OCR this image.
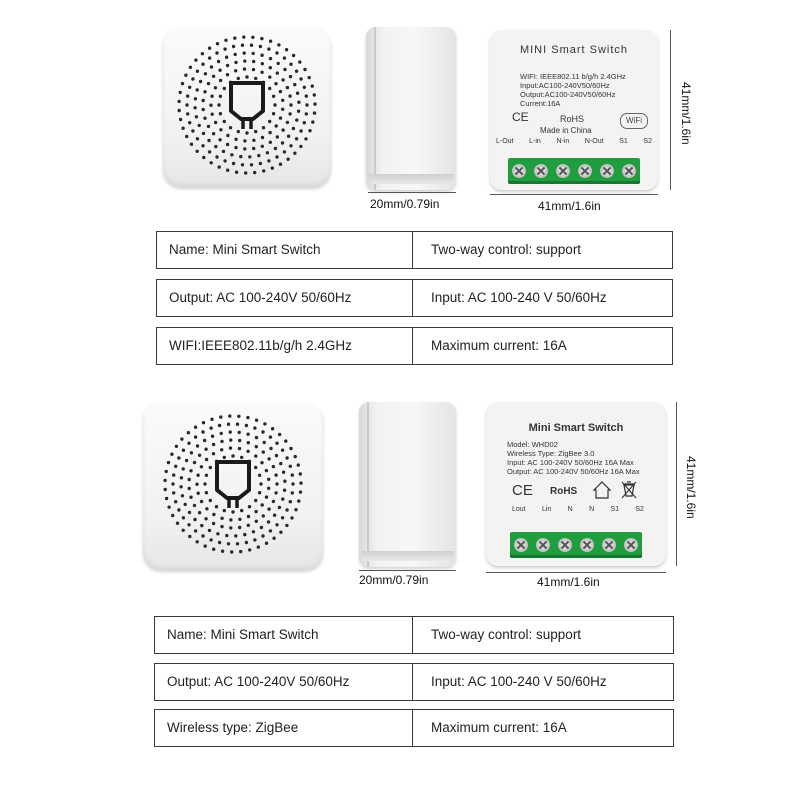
MINI Smart Switch
WIFI: IEEE802.11 b/g/h 2.4GHz
Input:AC100-240V50/60Hz
Output:AC100-240V50/60Hz
Current:16A
CE	RoHS
Made in China
WiFi
L-Out L-in N-in N-Out S1 S2
20mm/0.79in	41mm/1.6in
41mm/1.6in
Name: Mini Smart Switch	Two-way control: support
Output: AC 100-240V 50/60Hz	Input: AC 100-240 V 50/60Hz
WIFI:IEEE802.11b/g/h 2.4GHz	Maximum current: 16A
Mini Smart Switch
Model: WHD02
Wireless Type: ZigBee 3.0
Input: AC 100-240V 50/60Hz 16A Max
Output: AC 100-240V 50/60Hz 16A Max
CE RoHS
Lout Lin N N S1 S2
20mm/0.79in	41mm/1.6in
41mm/1.6in
Name: Mini Smart Switch	Two-way control: support
Output: AC 100-240V 50/60Hz	Input: AC 100-240 V 50/60Hz
Wireless type: ZigBee	Maximum current: 16A
